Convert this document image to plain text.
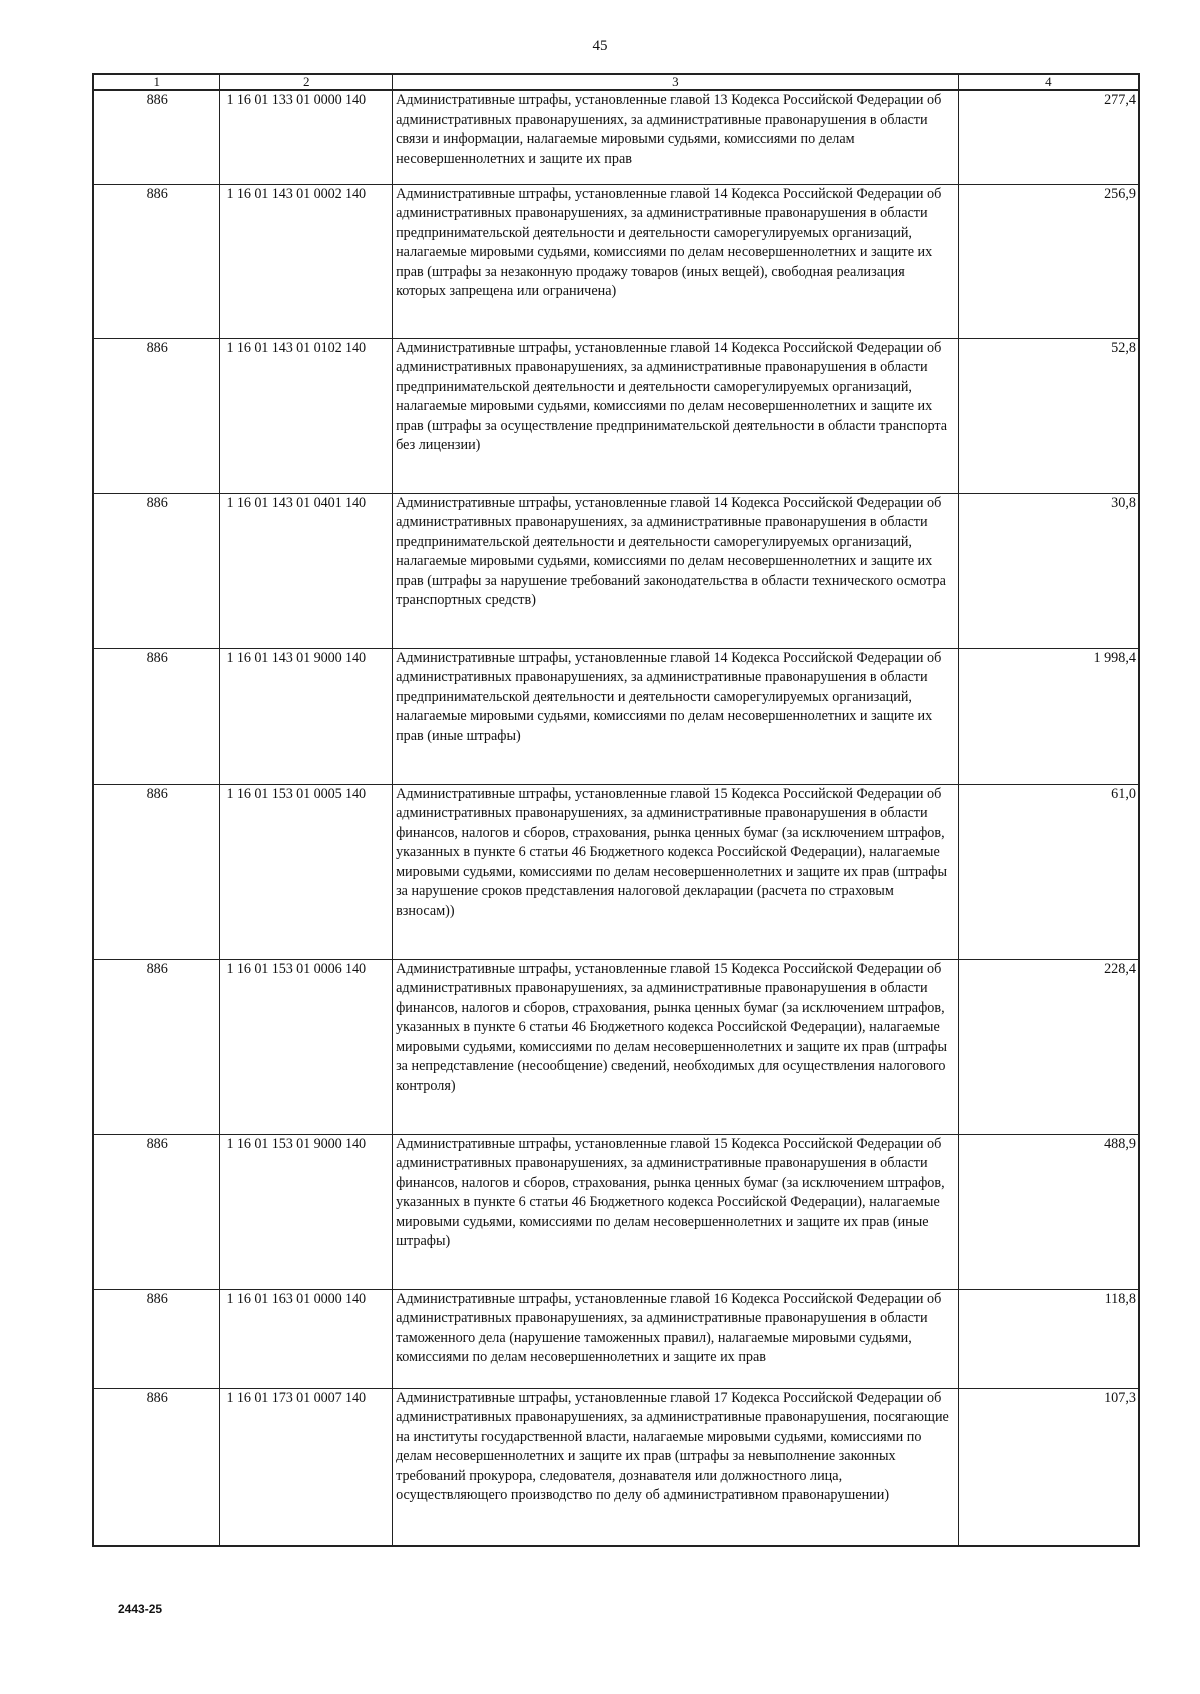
45
1	2	3	4
886	1 16 01 133 01 0000 140	Административные штрафы, установленные главой 13 Кодекса Российской Федерации об административных правонарушениях, за административные правонарушения в области связи и информации, налагаемые мировыми судьями, комиссиями по делам несовершеннолетних и защите их прав	277,4
886	1 16 01 143 01 0002 140	Административные штрафы, установленные главой 14 Кодекса Российской Федерации об административных правонарушениях, за административные правонарушения в области предпринимательской деятельности и деятельности саморегулируемых организаций, налагаемые мировыми судьями, комиссиями по делам несовершеннолетних и защите их прав (штрафы за незаконную продажу товаров (иных вещей), свободная реализация которых запрещена или ограничена)	256,9
886	1 16 01 143 01 0102 140	Административные штрафы, установленные главой 14 Кодекса Российской Федерации об административных правонарушениях, за административные правонарушения в области предпринимательской деятельности и деятельности саморегулируемых организаций, налагаемые мировыми судьями, комиссиями по делам несовершеннолетних и защите их прав (штрафы за осуществление предпринимательской деятельности в области транспорта без лицензии)	52,8
886	1 16 01 143 01 0401 140	Административные штрафы, установленные главой 14 Кодекса Российской Федерации об административных правонарушениях, за административные правонарушения в области предпринимательской деятельности и деятельности саморегулируемых организаций, налагаемые мировыми судьями, комиссиями по делам несовершеннолетних и защите их прав (штрафы за нарушение требований законодательства в области технического осмотра транспортных средств)	30,8
886	1 16 01 143 01 9000 140	Административные штрафы, установленные главой 14 Кодекса Российской Федерации об административных правонарушениях, за административные правонарушения в области предпринимательской деятельности и деятельности саморегулируемых организаций, налагаемые мировыми судьями, комиссиями по делам несовершеннолетних и защите их прав (иные штрафы)	1 998,4
886	1 16 01 153 01 0005 140	Административные штрафы, установленные главой 15 Кодекса Российской Федерации об административных правонарушениях, за административные правонарушения в области финансов, налогов и сборов, страхования, рынка ценных бумаг (за исключением штрафов, указанных в пункте 6 статьи 46 Бюджетного кодекса Российской Федерации), налагаемые мировыми судьями, комиссиями по делам несовершеннолетних и защите их прав (штрафы за нарушение сроков представления налоговой декларации (расчета по страховым взносам))	61,0
886	1 16 01 153 01 0006 140	Административные штрафы, установленные главой 15 Кодекса Российской Федерации об административных правонарушениях, за административные правонарушения в области финансов, налогов и сборов, страхования, рынка ценных бумаг (за исключением штрафов, указанных в пункте 6 статьи 46 Бюджетного кодекса Российской Федерации), налагаемые мировыми судьями, комиссиями по делам несовершеннолетних и защите их прав (штрафы за непредставление (несообщение) сведений, необходимых для осуществления налогового контроля)	228,4
886	1 16 01 153 01 9000 140	Административные штрафы, установленные главой 15 Кодекса Российской Федерации об административных правонарушениях, за административные правонарушения в области финансов, налогов и сборов, страхования, рынка ценных бумаг (за исключением штрафов, указанных в пункте 6 статьи 46 Бюджетного кодекса Российской Федерации), налагаемые мировыми судьями, комиссиями по делам несовершеннолетних и защите их прав (иные штрафы)	488,9
886	1 16 01 163 01 0000 140	Административные штрафы, установленные главой 16 Кодекса Российской Федерации об административных правонарушениях, за административные правонарушения в области таможенного дела (нарушение таможенных правил), налагаемые мировыми судьями, комиссиями по делам несовершеннолетних и защите их прав	118,8
886	1 16 01 173 01 0007 140	Административные штрафы, установленные главой 17 Кодекса Российской Федерации об административных правонарушениях, за административные правонарушения, посягающие на институты государственной власти, налагаемые мировыми судьями, комиссиями по делам несовершеннолетних и защите их прав (штрафы за невыполнение законных требований прокурора, следователя, дознавателя или должностного лица, осуществляющего производство по делу об административном правонарушении)	107,3
2443-25
